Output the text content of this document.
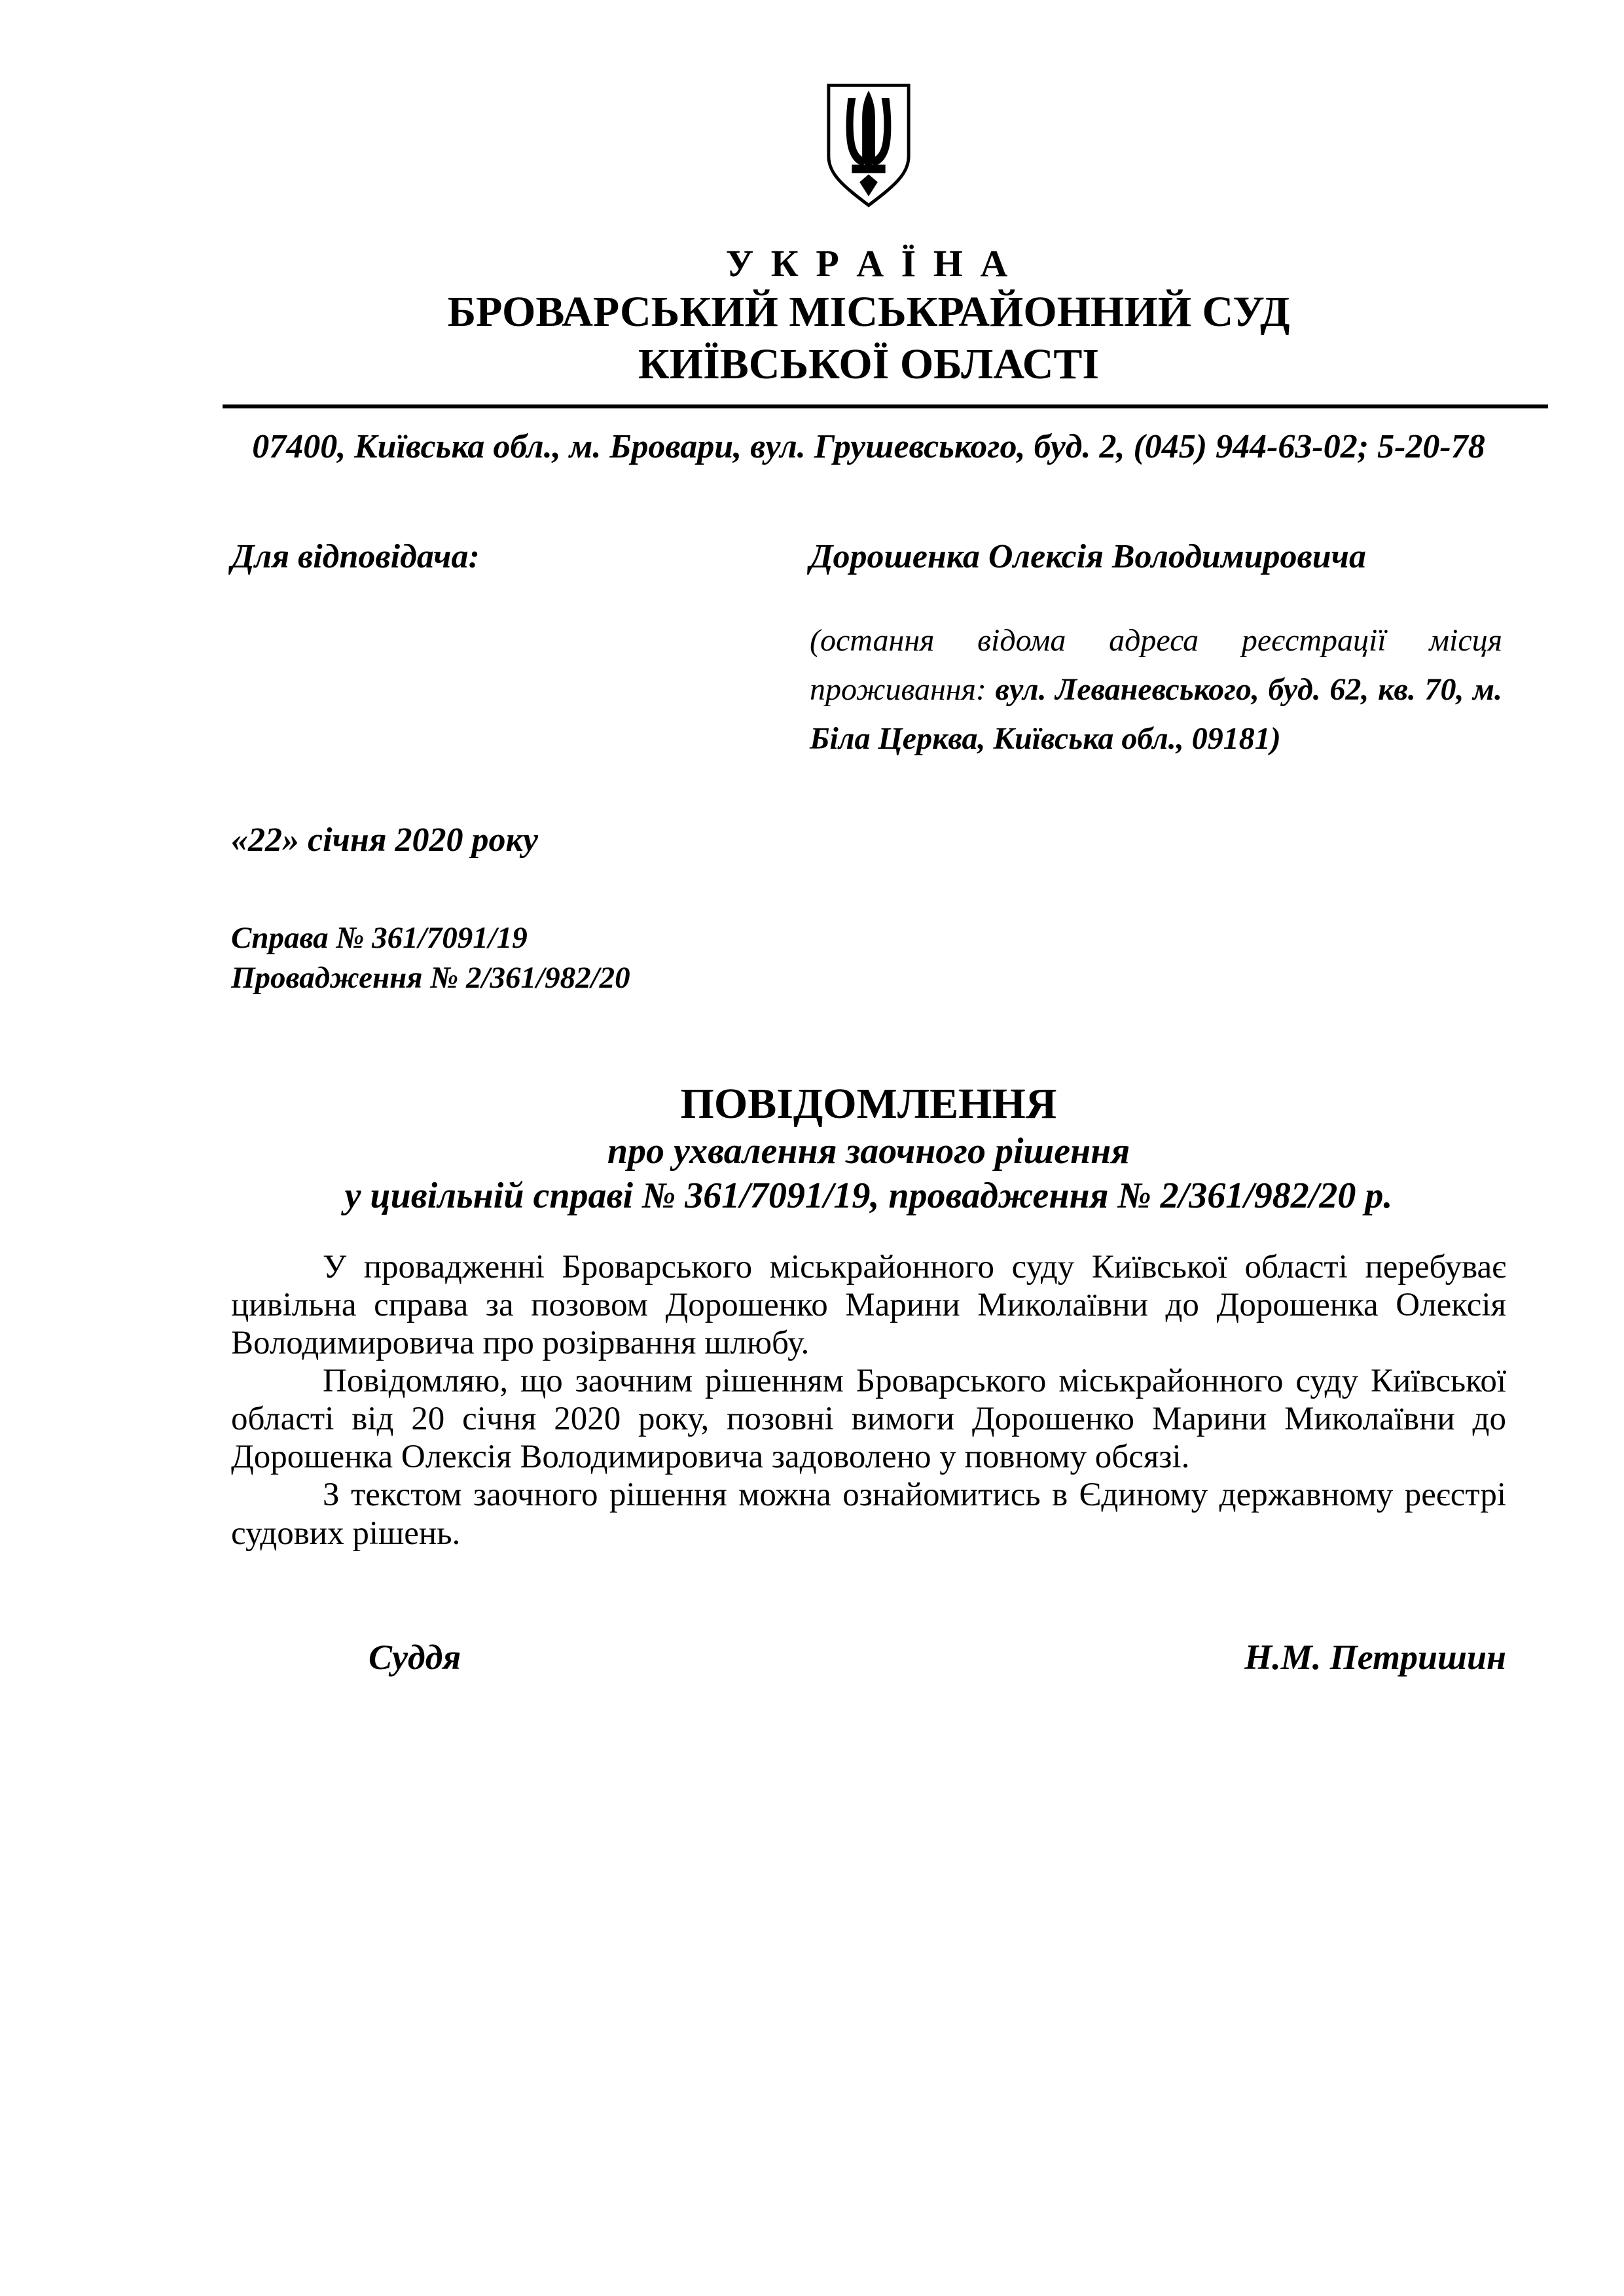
У К Р А Ї Н А
БРОВАРСЬКИЙ МІСЬКРАЙОННИЙ СУД
КИЇВСЬКОЇ ОБЛАСТІ
07400, Київська обл., м. Бровари, вул. Грушевського, буд. 2, (045) 944-63-02; 5-20-78
Для відповідача:	Дорошенка Олексія Володимировича
(остання відома адреса реєстрації місця проживання: вул. Леваневського, буд. 62, кв. 70, м. Біла Церква, Київська обл., 09181)
«22» січня 2020 року
Справа № 361/7091/19
Провадження № 2/361/982/20
ПОВІДОМЛЕННЯ
про ухвалення заочного рішення
у цивільній справі № 361/7091/19, провадження № 2/361/982/20 р.

У провадженні Броварського міськрайонного суду Київської області перебуває цивільна справа за позовом Дорошенко Марини Миколаївни до Дорошенка Олексія Володимировича про розірвання шлюбу.

Повідомляю, що заочним рішенням Броварського міськрайонного суду Київської області від 20 січня 2020 року, позовні вимоги Дорошенко Марини Миколаївни до Дорошенка Олексія Володимировича задоволено у повному обсязі.

З текстом заочного рішення можна ознайомитись в Єдиному державному реєстрі судових рішень.

Суддя	Н.М. Петришин
